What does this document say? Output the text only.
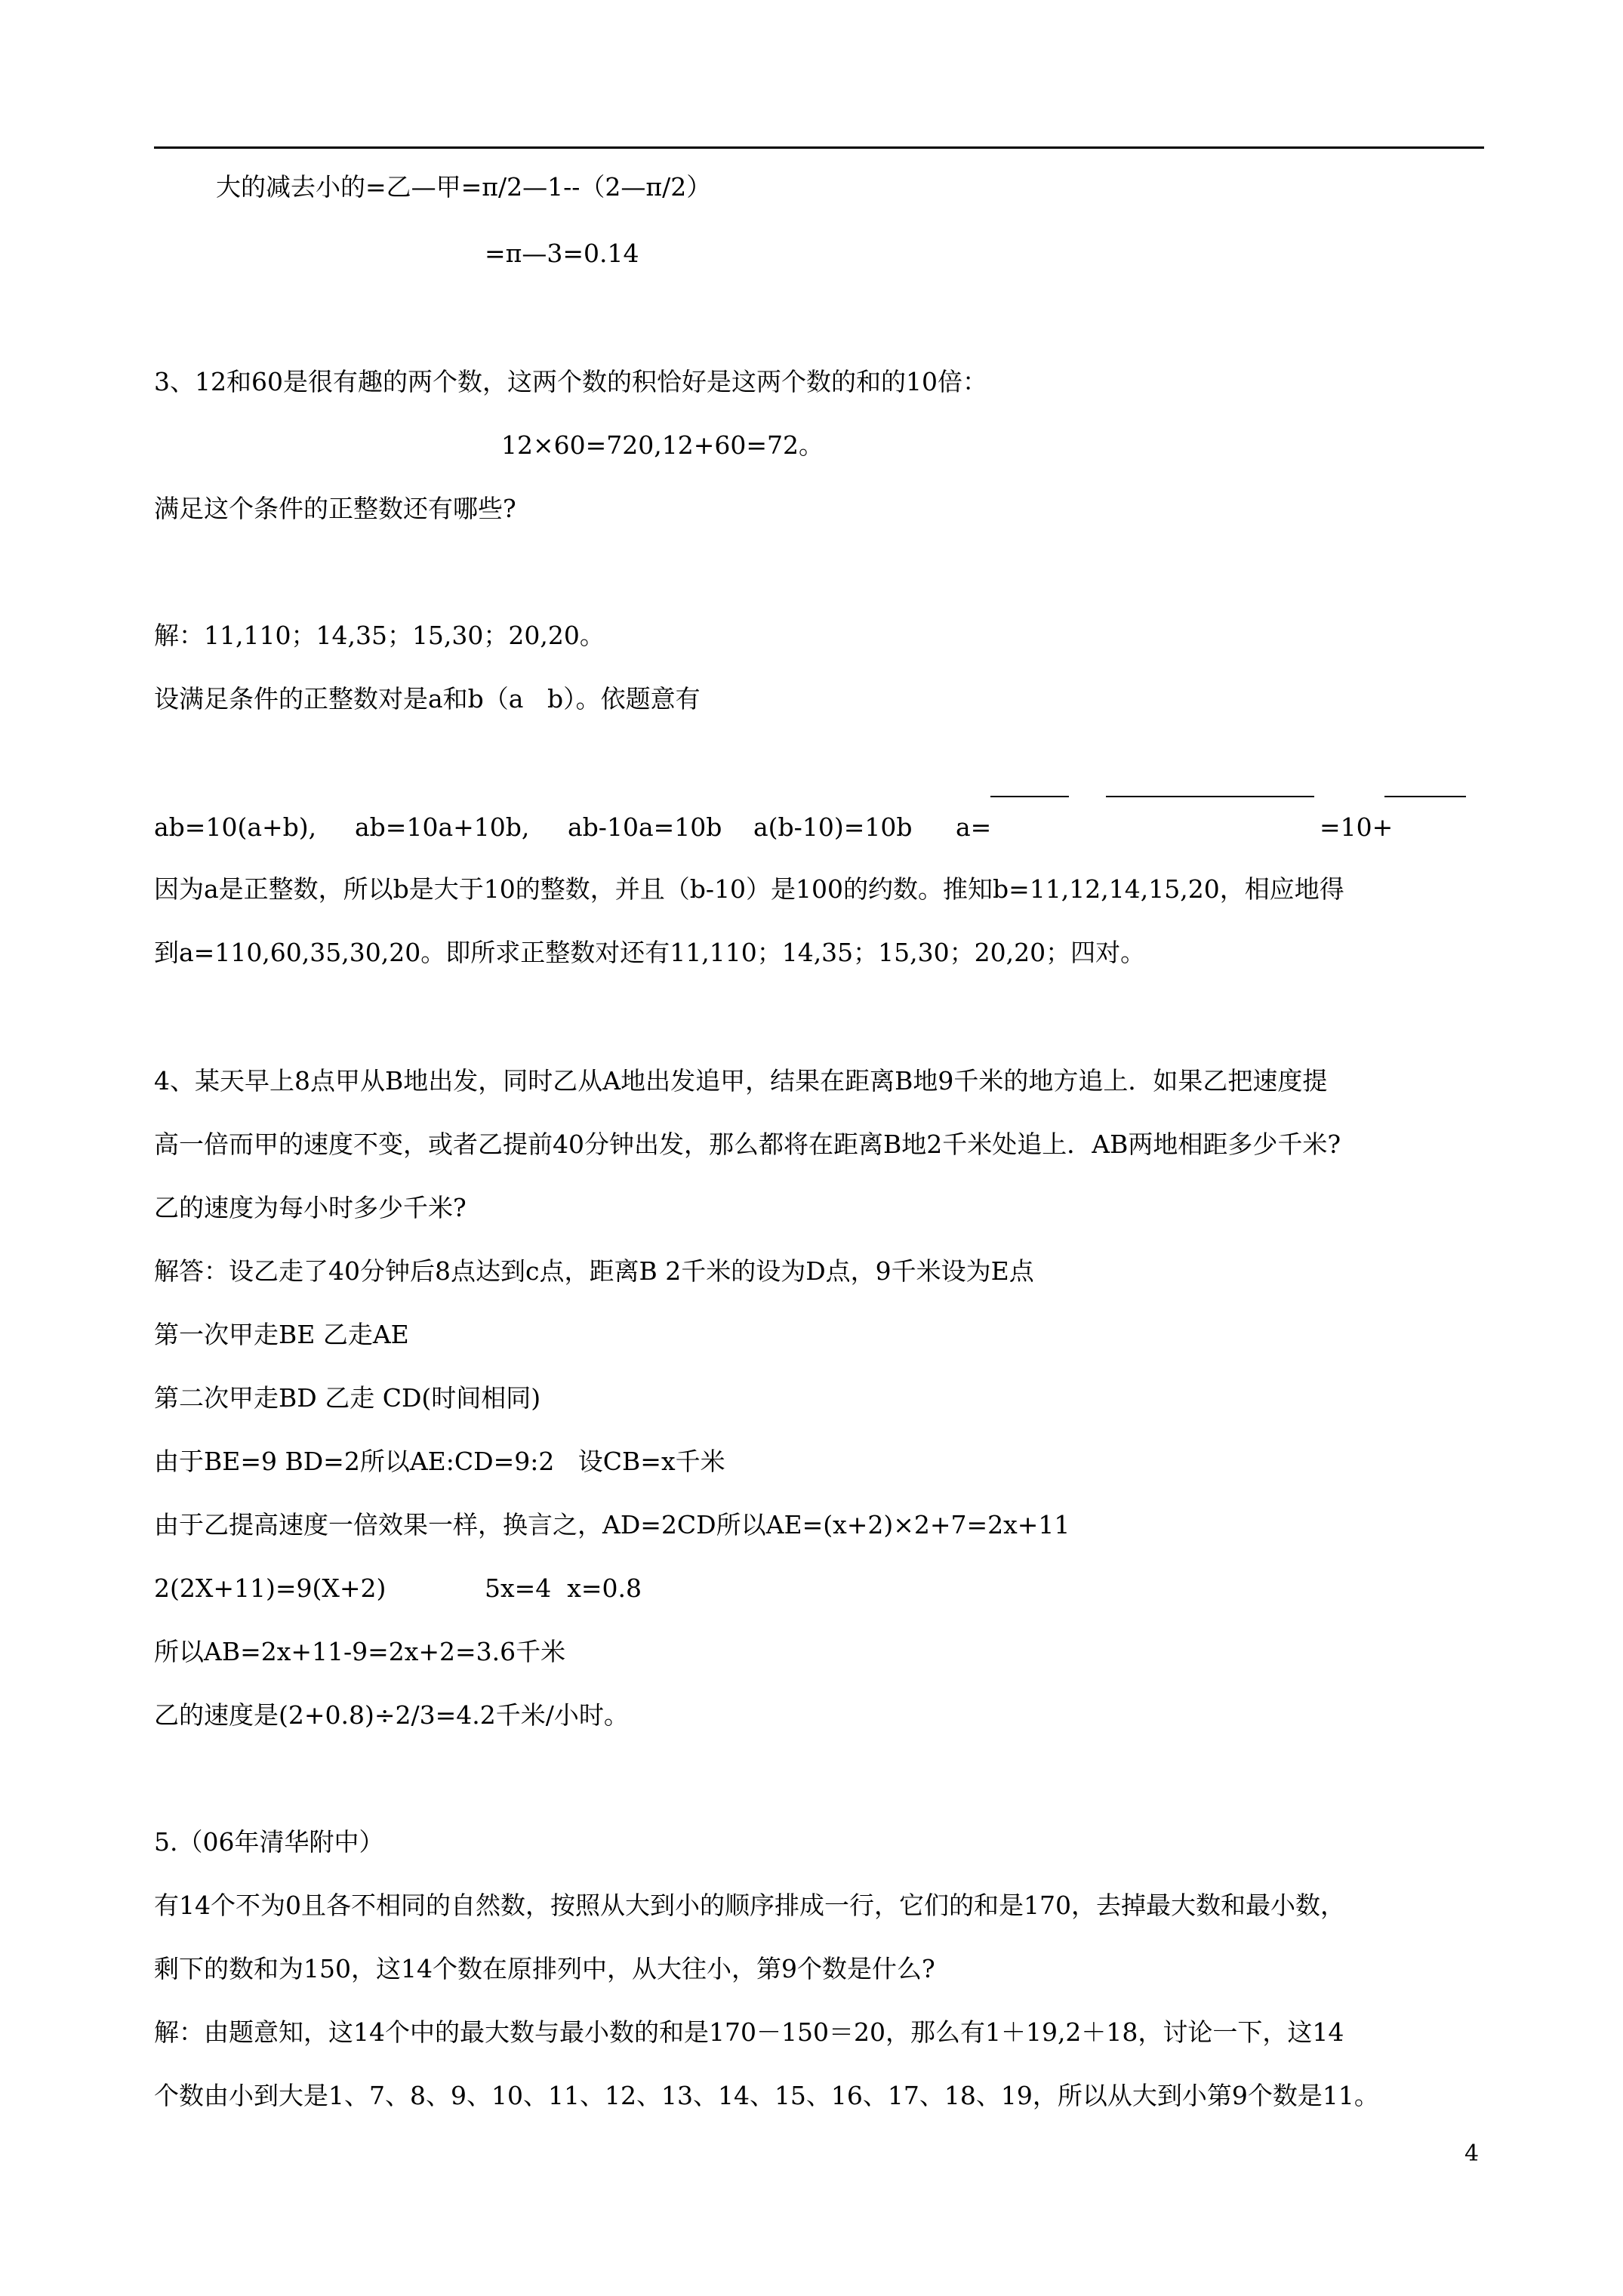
大的减去小的=乙—甲=π/2—1--（2—π/2）
=π—3=0.14
3、12和60是很有趣的两个数，这两个数的积恰好是这两个数的和的10倍：
12×60=720,12+60=72。
满足这个条件的正整数还有哪些?
解：11,110；14,35；15,30；20,20。
设满足条件的正整数对是a和b（a   b）。依题意有
ab=10(a+b), ab=10a+10b, ab-10a=10b a(b-10)=10b a=	=10+
因为a是正整数，所以b是大于10的整数，并且（b-10）是100的约数。推知b=11,12,14,15,20，相应地得
到a=110,60,35,30,20。即所求正整数对还有11,110；14,35；15,30；20,20；四对。
4、某天早上8点甲从B地出发，同时乙从A地出发追甲，结果在距离B地9千米的地方追上．如果乙把速度提
高一倍而甲的速度不变，或者乙提前40分钟出发，那么都将在距离B地2千米处追上．AB两地相距多少千米?
乙的速度为每小时多少千米?
解答：设乙走了40分钟后8点达到c点，距离B 2千米的设为D点，9千米设为E点
第一次甲走BE 乙走AE
第二次甲走BD 乙走 CD(时间相同)
由于BE=9 BD=2所以AE:CD=9:2   设CB=x千米
由于乙提高速度一倍效果一样，换言之，AD=2CD所以AE=(x+2)×2+7=2x+11
2(2X+11)=9(X+2)	5x=4  x=0.8
所以AB=2x+11-9=2x+2=3.6千米
乙的速度是(2+0.8)÷2/3=4.2千米/小时。
5.（06年清华附中）
有14个不为0且各不相同的自然数，按照从大到小的顺序排成一行，它们的和是170，去掉最大数和最小数，
剩下的数和为150，这14个数在原排列中，从大往小，第9个数是什么?
解：由题意知，这14个中的最大数与最小数的和是170－150＝20，那么有1＋19,2＋18，讨论一下，这14
个数由小到大是1、7、8、9、10、11、12、13、14、15、16、17、18、19，所以从大到小第9个数是11。
4
